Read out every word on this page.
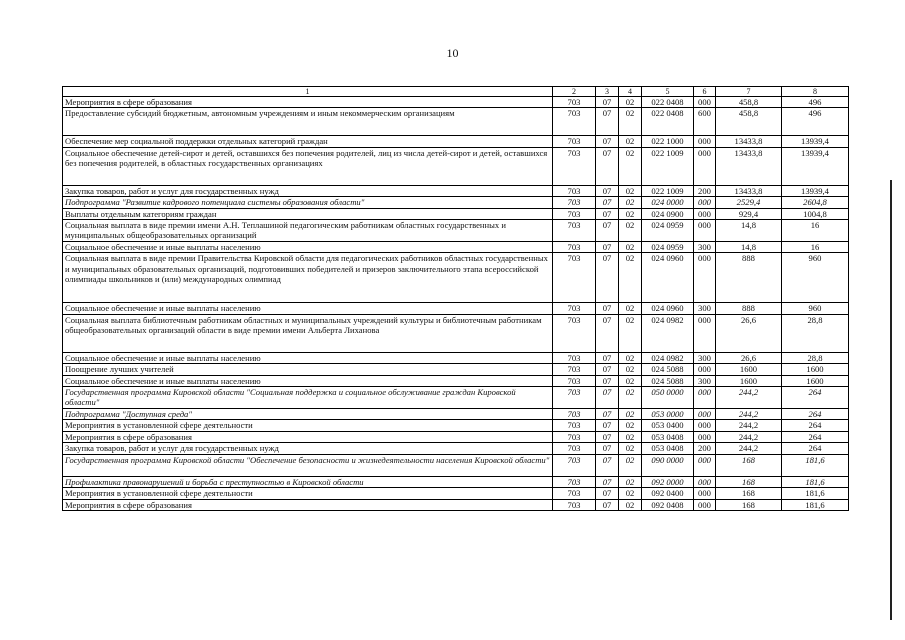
10
1	2	3	4	5	6	7	8
Мероприятия в сфере образования	703	07	02	022 0408	000	458,8	496
Предоставление субсидий бюджетным, автономным учреждениям и иным некоммерческим организациям	703	07	02	022 0408	600	458,8	496
Обеспечение мер социальной поддержки отдельных категорий граждан	703	07	02	022 1000	000	13433,8	13939,4
Социальное обеспечение детей-сирот и детей, оставшихся без попечения родителей, лиц из числа детей-сирот и детей, оставшихся без попечения родителей, в областных государственных организациях	703	07	02	022 1009	000	13433,8	13939,4
Закупка товаров, работ и услуг для государственных нужд	703	07	02	022 1009	200	13433,8	13939,4
Подпрограмма "Развитие кадрового потенциала системы образования области"	703	07	02	024 0000	000	2529,4	2604,8
Выплаты отдельным категориям граждан	703	07	02	024 0900	000	929,4	1004,8
Социальная выплата в виде премии имени А.Н. Теплашиной педагогическим работникам областных государственных и муниципальных общеобразовательных организаций	703	07	02	024 0959	000	14,8	16
Социальное обеспечение и иные выплаты населению	703	07	02	024 0959	300	14,8	16
Социальная выплата в виде премии Правительства Кировской области для педагогических работников областных государственных и муниципальных образовательных организаций, подготовивших победителей и призеров заключительного этапа всероссийской олимпиады школьников и (или) международных олимпиад	703	07	02	024 0960	000	888	960
Социальное обеспечение и иные выплаты населению	703	07	02	024 0960	300	888	960
Социальная выплата библиотечным работникам областных и муниципальных учреждений культуры и библиотечным работникам общеобразовательных организаций области в виде премии имени Альберта Лиханова	703	07	02	024 0982	000	26,6	28,8
Социальное обеспечение и иные выплаты населению	703	07	02	024 0982	300	26,6	28,8
Поощрение лучших учителей	703	07	02	024 5088	000	1600	1600
Социальное обеспечение и иные выплаты населению	703	07	02	024 5088	300	1600	1600
Государственная программа Кировской области "Социальная поддержка и социальное обслуживание граждан Кировской области"	703	07	02	050 0000	000	244,2	264
Подпрограмма "Доступная среда"	703	07	02	053 0000	000	244,2	264
Мероприятия в установленной сфере деятельности	703	07	02	053 0400	000	244,2	264
Мероприятия в сфере образования	703	07	02	053 0408	000	244,2	264
Закупка товаров, работ и услуг для государственных нужд	703	07	02	053 0408	200	244,2	264
Государственная программа Кировской области "Обеспечение безопасности и жизнедеятельности населения Кировской области"	703	07	02	090 0000	000	168	181,6
Профилактика правонарушений и борьба с преступностью в Кировской области	703	07	02	092 0000	000	168	181,6
Мероприятия в установленной сфере деятельности	703	07	02	092 0400	000	168	181,6
Мероприятия в сфере образования	703	07	02	092 0408	000	168	181,6
